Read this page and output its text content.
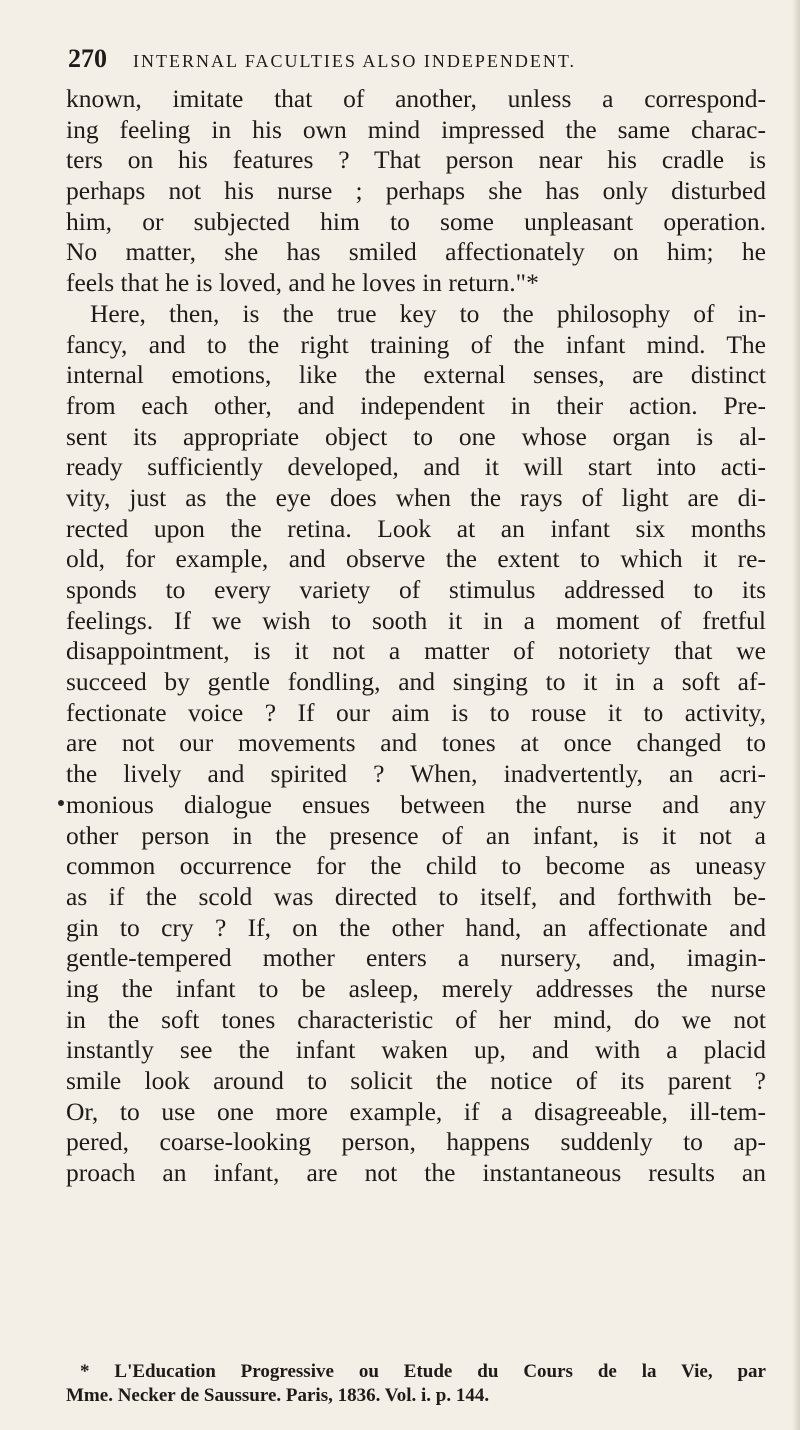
270 INTERNAL FACULTIES ALSO INDEPENDENT.
known, imitate that of another, unless a correspond-
ing feeling in his own mind impressed the same charac-
ters on his features ? That person near his cradle is
perhaps not his nurse ; perhaps she has only disturbed
him, or subjected him to some unpleasant operation.
No matter, she has smiled affectionately on him; he
feels that he is loved, and he loves in return."*
Here, then, is the true key to the philosophy of in-
fancy, and to the right training of the infant mind. The
internal emotions, like the external senses, are distinct
from each other, and independent in their action. Pre-
sent its appropriate object to one whose organ is al-
ready sufficiently developed, and it will start into acti-
vity, just as the eye does when the rays of light are di-
rected upon the retina. Look at an infant six months
old, for example, and observe the extent to which it re-
sponds to every variety of stimulus addressed to its
feelings. If we wish to sooth it in a moment of fretful
disappointment, is it not a matter of notoriety that we
succeed by gentle fondling, and singing to it in a soft af-
fectionate voice ? If our aim is to rouse it to activity,
are not our movements and tones at once changed to
the lively and spirited ? When, inadvertently, an acri-
monious dialogue ensues between the nurse and any
other person in the presence of an infant, is it not a
common occurrence for the child to become as uneasy
as if the scold was directed to itself, and forthwith be-
gin to cry ? If, on the other hand, an affectionate and
gentle-tempered mother enters a nursery, and, imagin-
ing the infant to be asleep, merely addresses the nurse
in the soft tones characteristic of her mind, do we not
instantly see the infant waken up, and with a placid
smile look around to solicit the notice of its parent ?
Or, to use one more example, if a disagreeable, ill-tem-
pered, coarse-looking person, happens suddenly to ap-
proach an infant, are not the instantaneous results an
* L'Education Progressive ou Etude du Cours de la Vie, par
Mme. Necker de Saussure. Paris, 1836. Vol. i. p. 144.
